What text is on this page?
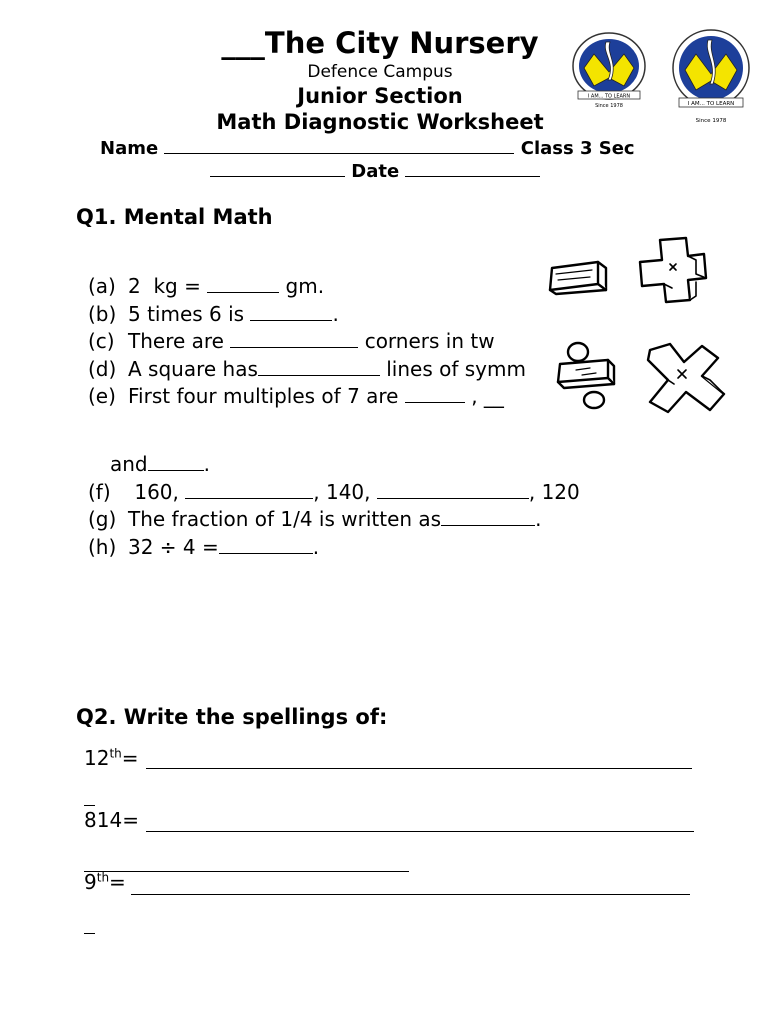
___The City Nursery
Defence Campus
Junior Section
Math Diagnostic Worksheet
Name	Class 3 Sec
Date
I AM... TO LEARN
Since 1978	I AM... TO LEARN
Since 1978
Q1. Mental Math
(a) 2  kg =	gm.
(b) 5 times 6 is	.
(c) There are	corners in tw
(d) A square has	lines of symm
(e) First four multiples of 7 are	, __
and	.
(f) 160,	, 140,	, 120
(g) The fraction of 1/4 is written as	.
(h) 32 ÷ 4 =	.
Q2. Write the spellings of:
12th=
814=
9th=
